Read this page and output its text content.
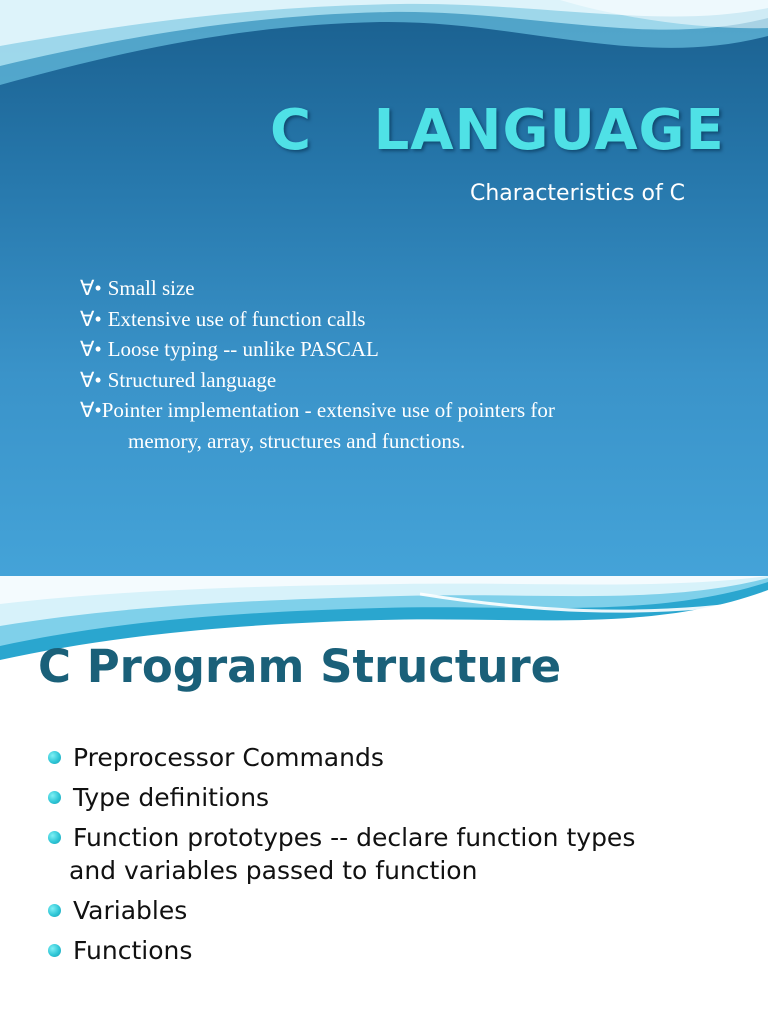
C   LANGUAGE
Characteristics of C
∀• Small size
∀• Extensive use of function calls
∀• Loose typing -- unlike PASCAL
∀• Structured language
∀•Pointer implementation - extensive use of pointers for
memory, array, structures and functions.
C Program Structure
Preprocessor Commands
Type definitions
Function prototypes -- declare function types
and variables passed to function
Variables
Functions
